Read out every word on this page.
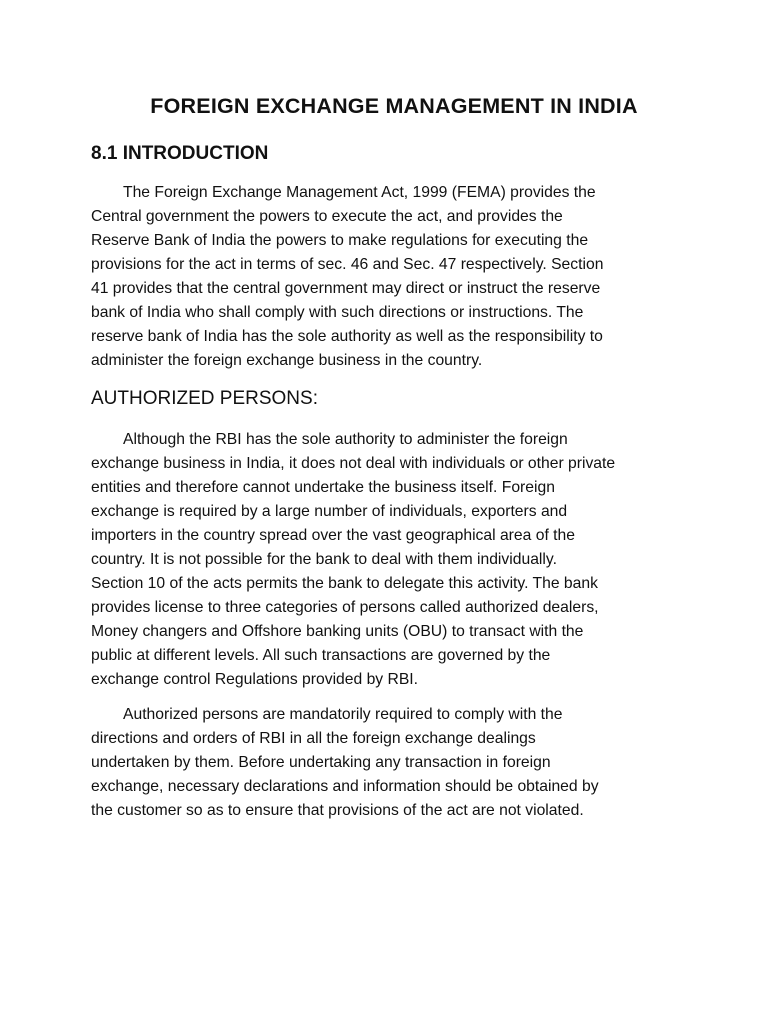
FOREIGN EXCHANGE MANAGEMENT IN INDIA
8.1 INTRODUCTION
The Foreign Exchange Management Act, 1999 (FEMA) provides the
Central government the powers to execute the act, and provides the
Reserve Bank of India the powers to make regulations for executing the
provisions for the act in terms of sec. 46 and Sec. 47 respectively. Section
41 provides that the central government may direct or instruct the reserve
bank of India who shall comply with such directions or instructions. The
reserve bank of India has the sole authority as well as the responsibility to
administer the foreign exchange business in the country.
AUTHORIZED PERSONS:
Although the RBI has the sole authority to administer the foreign
exchange business in India, it does not deal with individuals or other private
entities and therefore cannot undertake the business itself. Foreign
exchange is required by a large number of individuals, exporters and
importers in the country spread over the vast geographical area of the
country. It is not possible for the bank to deal with them individually.
Section 10 of the acts permits the bank to delegate this activity. The bank
provides license to three categories of persons called authorized dealers,
Money changers and Offshore banking units (OBU) to transact with the
public at different levels. All such transactions are governed by the
exchange control Regulations provided by RBI.
Authorized persons are mandatorily required to comply with the
directions and orders of RBI in all the foreign exchange dealings
undertaken by them. Before undertaking any transaction in foreign
exchange, necessary declarations and information should be obtained by
the customer so as to ensure that provisions of the act are not violated.
